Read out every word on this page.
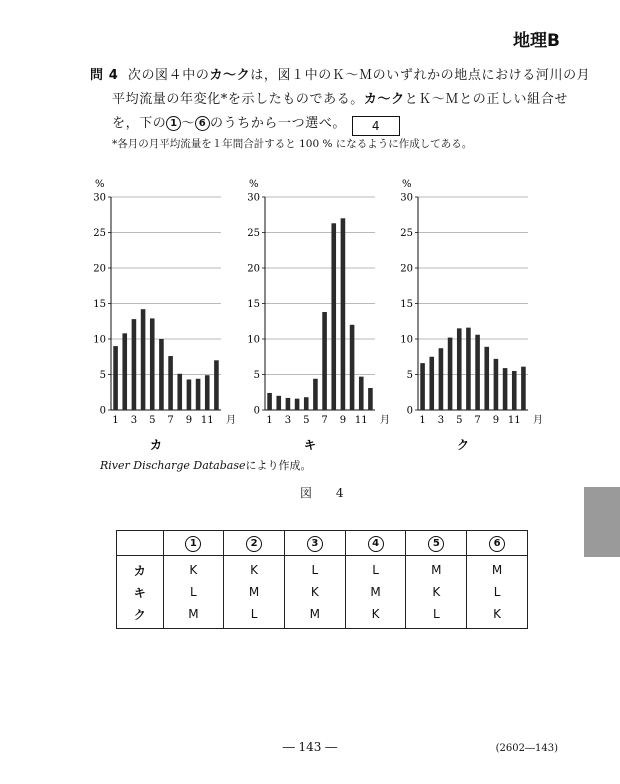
地理B
問 4 次の図４中のカ～クは，図１中のＫ～Ｍのいずれかの地点における河川の月
平均流量の年変化*を示したものである。カ～クとＫ～Ｍとの正しい組合せ
を，下の 1 ～ 6 のうちから一つ選べ。 4
*各月の月平均流量を１年間合計すると 100 % になるように作成してある。
0
5
10
15
20
25
30
%
1 3 5 7 9 11 月
カ
0
5
10
15
20
25
30
%
1 3 5 7 9 11 月
キ
0
5
10
15
20
25
30
%
1 3 5 7 9 11 月
ク
River Discharge Databaseにより作成。
図 4
	1	2	3	4	5	6
カ	K	K	L	L	M	M
キ	L	M	K	M	K	L
ク	M	L	M	K	L	K
― 143 ―	(2602―143)
